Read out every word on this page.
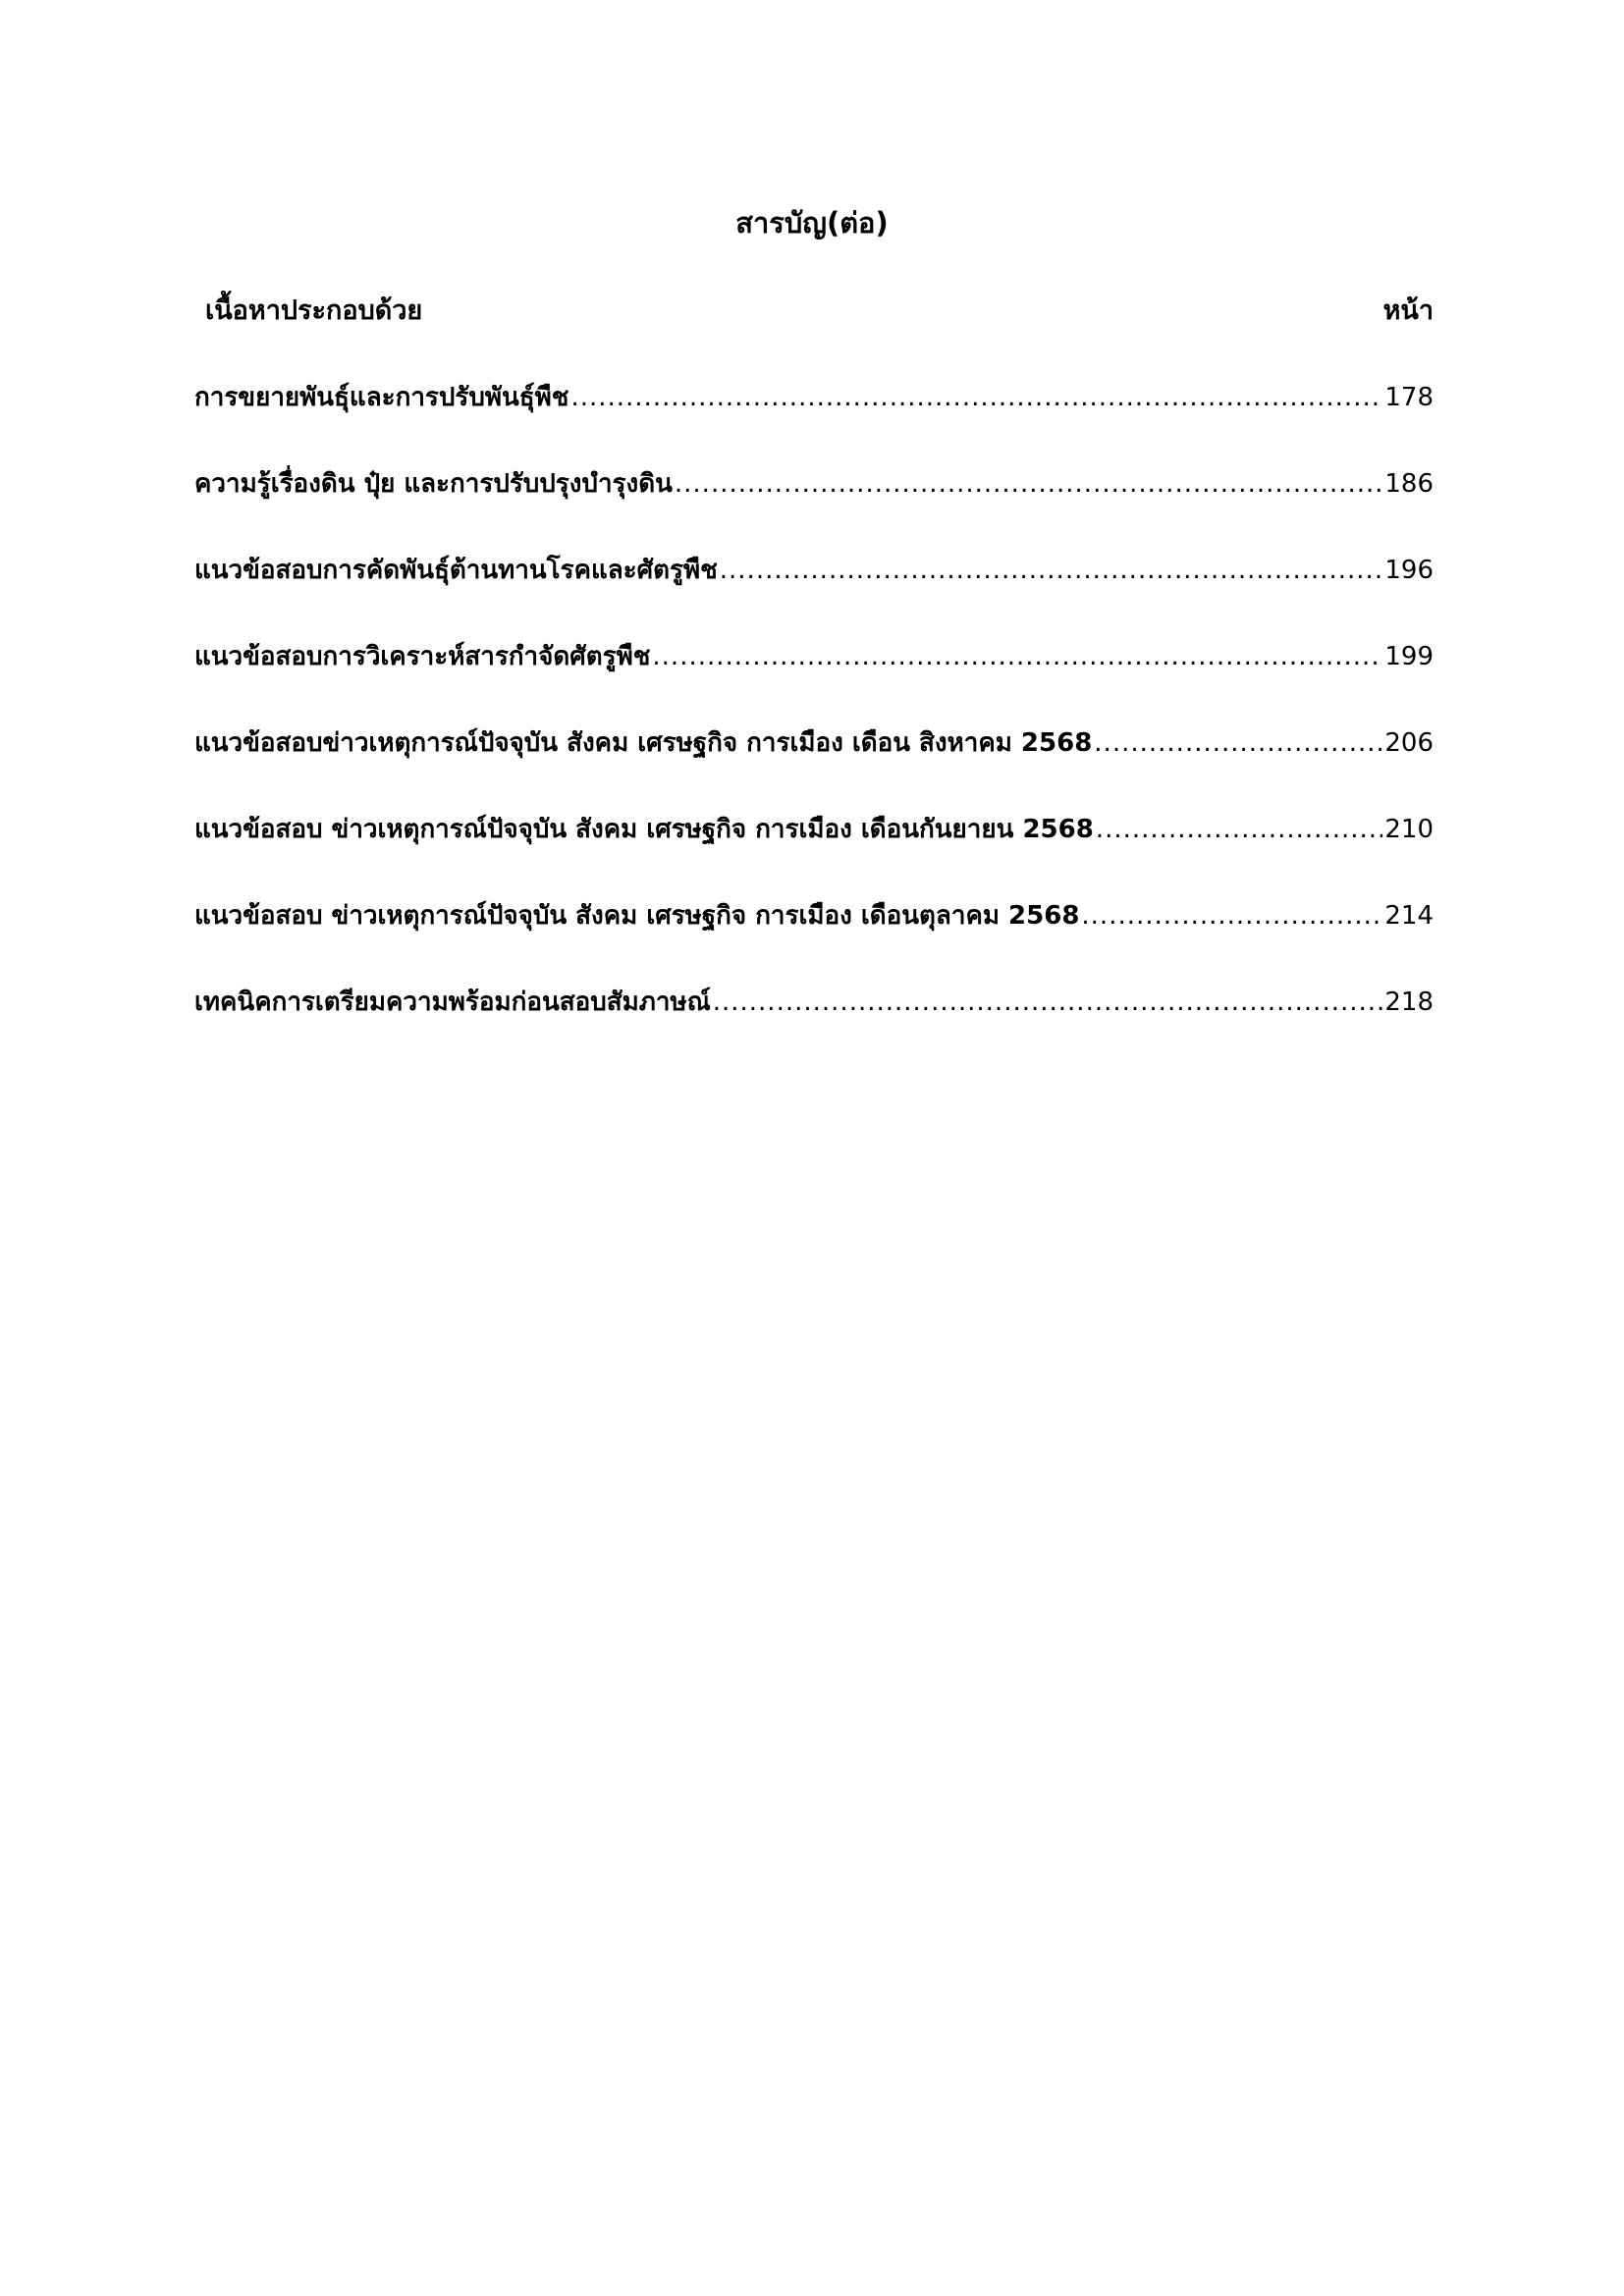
สารบัญ(ต่อ)
เนื้อหาประกอบด้วย	หน้า
การขยายพันธุ์และการปรับพันธุ์พืช .....	178
ความรู้เรื่องดิน ปุ๋ย และการปรับปรุงบำรุงดิน .....	186
แนวข้อสอบการคัดพันธุ์ต้านทานโรคและศัตรูพืช .....	196
แนวข้อสอบการวิเคราะห์สารกำจัดศัตรูพืช .....	199
แนวข้อสอบข่าวเหตุการณ์ปัจจุบัน สังคม เศรษฐกิจ การเมือง เดือน สิงหาคม 2568 .....	206
แนวข้อสอบ ข่าวเหตุการณ์ปัจจุบัน สังคม เศรษฐกิจ การเมือง เดือนกันยายน 2568 .....	210
แนวข้อสอบ ข่าวเหตุการณ์ปัจจุบัน สังคม เศรษฐกิจ การเมือง เดือนตุลาคม 2568 .....	214
เทคนิคการเตรียมความพร้อมก่อนสอบสัมภาษณ์ .....	218
